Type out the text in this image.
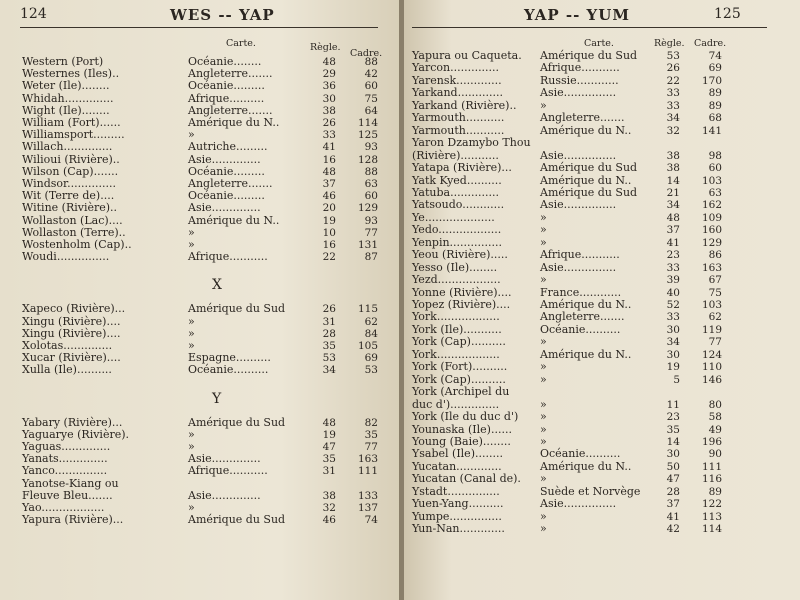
WES -- YAP
124
Carte.	Règle.
Cadre.
Western (Port)	Océanie........	48	88
Westernes (Iles)..	Angleterre.......	29	42
Weter (Ile)........	Océanie.........	36	60
Whidah..............	Afrique..........	30	75
Wight (Ile)........	Angleterre.......	38	64
William (Fort)......	Amérique du N..	26	114
Williamsport.........	»	33	125
Willach..............	Autriche.........	41	93
Wilioui (Rivière)..	Asie..............	16	128
Wilson (Cap).......	Océanie.........	48	88
Windsor..............	Angleterre.......	37	63
Wit (Terre de)....	Océanie.........	46	60
Witine (Rivière)..	Asie..............	20	129
Wollaston (Lac)....	Amérique du N..	19	93
Wollaston (Terre)..	»	10	77
Wostenholm (Cap)..	»	16	131
Woudi...............	Afrique...........	22	87
X
Xapeco (Rivière)...	Amérique du Sud	26	115
Xingu (Rivière)....	»	31	62
Xingu (Rivière)....	»	28	84
Xolotas..............	»	35	105
Xucar (Rivière)....	Espagne..........	53	69
Xulla (Ile)..........	Océanie..........	34	53
Y
Yabary (Rivière)...	Amérique du Sud	48	82
Yaguarye (Rivière).	»	19	35
Yaguas..............	»	47	77
Yanats..............	Asie..............	35	163
Yanco...............	Afrique...........	31	111
Yanotse-Kiang ou
Fleuve Bleu.......	Asie..............	38	133
Yao..................	»	32	137
Yapura (Rivière)...	Amérique du Sud	46	74
YAP -- YUM	125
Carte.	Règle. Cadre.
Yapura ou Caqueta. Amérique du Sud	53	74
Yarcon..............	Afrique...........	26	69
Yarensk.............	Russie............	22	170
Yarkand.............	Asie...............	33	89
Yarkand (Rivière).. »	33	89
Yarmouth...........	Angleterre.......	34	68
Yarmouth...........	Amérique du N..	32	141
Yaron Dzamybo Thou
(Rivière)...........	Asie...............	38	98
Yatapa (Rivière)...	Amérique du Sud	38	60
Yatk Kyed..........	Amérique du N..	14	103
Yatuba..............	Amérique du Sud	21	63
Yatsoudo............	Asie...............	34	162
Ye....................	»	48	109
Yedo..................	»	37	160
Yenpin...............	»	41	129
Yeou (Rivière).....	Afrique...........	23	86
Yesso (Ile)........	Asie...............	33	163
Yezd..................	»	39	67
Yonne (Rivière)....	France............	40	75
Yopez (Rivière)....	Amérique du N..	52	103
York..................	Angleterre.......	33	62
York (Ile)...........	Océanie..........	30	119
York (Cap)..........	»	34	77
York..................	Amérique du N..	30	124
York (Fort)..........	»	19	110
York (Cap)..........	»	5	146
York (Archipel du
duc d')..............	»	11	80
York (Ile du duc d') »	23	58
Younaska (Ile)......	»	35	49
Young (Baie)........	»	14	196
Ysabel (Ile)........	Océanie..........	30	90
Yucatan.............	Amérique du N..	50	111
Yucatan (Canal de). »	47	116
Ystadt...............	Suède et Norvège	28	89
Yuen-Yang..........	Asie...............	37	122
Yumpe...............	»	41	113
Yun-Nan.............	»	42	114
